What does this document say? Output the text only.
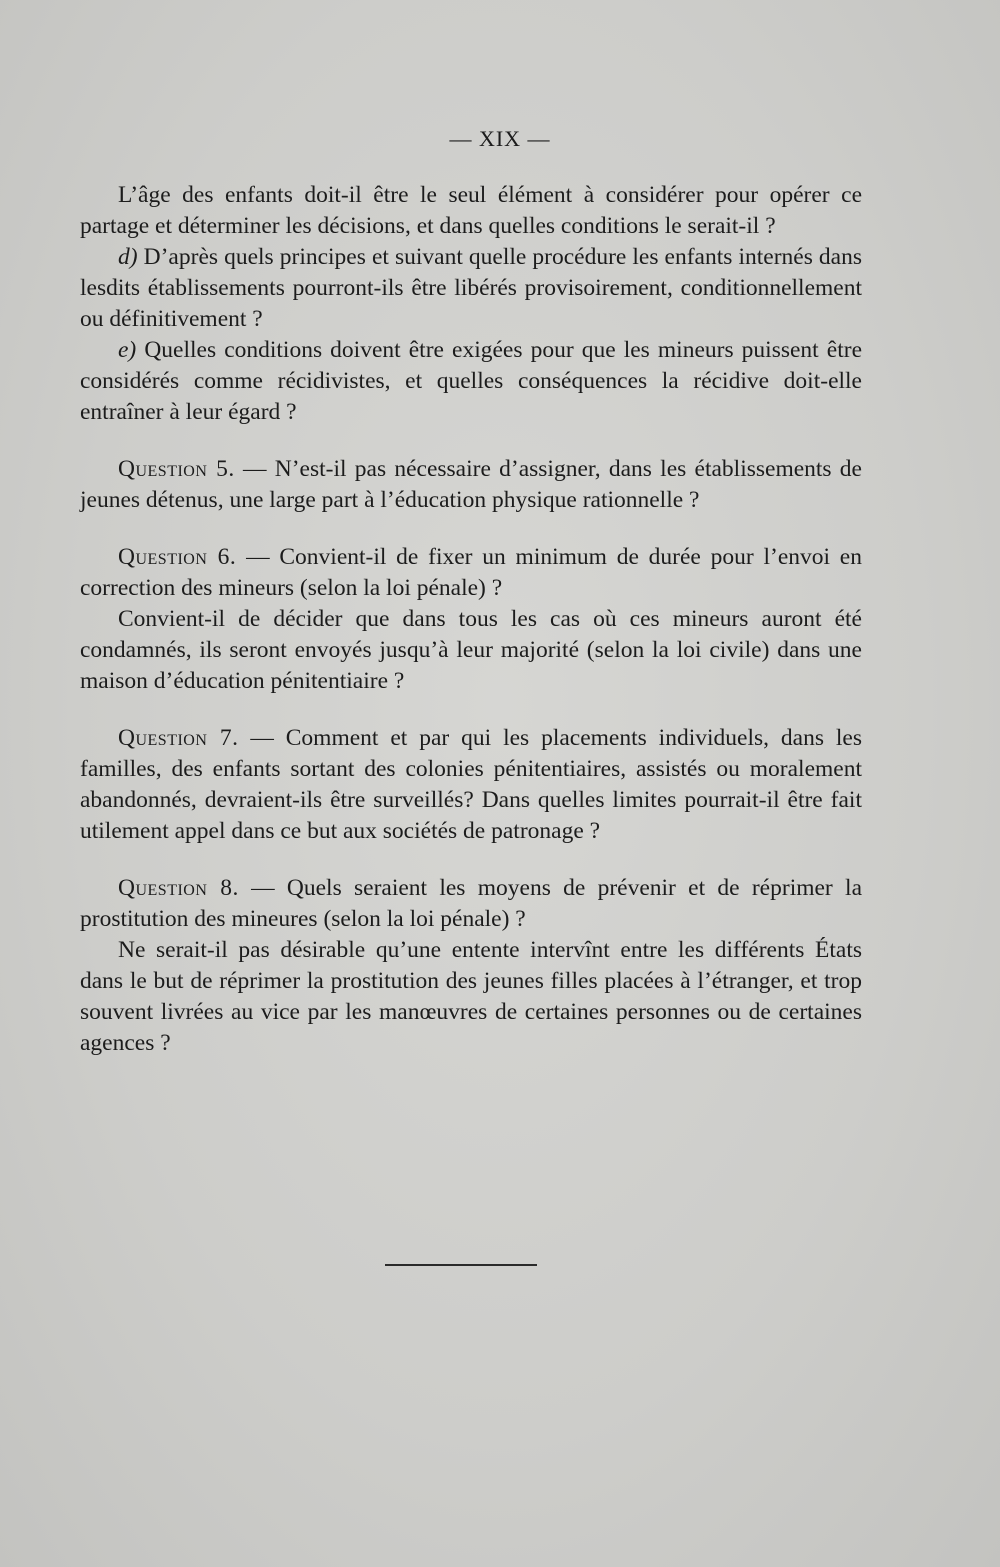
— XIX —

L’âge des enfants doit-il être le seul élément à considérer pour opérer ce partage et déterminer les décisions, et dans quelles conditions le serait-il ?

d) D’après quels principes et suivant quelle procédure les enfants internés dans lesdits établissements pourront-ils être libérés provisoirement, conditionnellement ou définitivement ?

e) Quelles conditions doivent être exigées pour que les mineurs puissent être considérés comme récidivistes, et quelles conséquences la récidive doit-elle entraîner à leur égard ?

Question 5. — N’est-il pas nécessaire d’assigner, dans les établissements de jeunes détenus, une large part à l’éducation physique rationnelle ?

Question 6. — Convient-il de fixer un minimum de durée pour l’envoi en correction des mineurs (selon la loi pénale) ?

Convient-il de décider que dans tous les cas où ces mineurs auront été condamnés, ils seront envoyés jusqu’à leur majorité (selon la loi civile) dans une maison d’éducation pénitentiaire ?

Question 7. — Comment et par qui les placements individuels, dans les familles, des enfants sortant des colonies pénitentiaires, assistés ou moralement abandonnés, devraient-ils être surveillés? Dans quelles limites pourrait-il être fait utilement appel dans ce but aux sociétés de patronage ?

Question 8. — Quels seraient les moyens de prévenir et de réprimer la prostitution des mineures (selon la loi pénale) ?

Ne serait-il pas désirable qu’une entente intervînt entre les différents États dans le but de réprimer la prostitution des jeunes filles placées à l’étranger, et trop souvent livrées au vice par les manœuvres de certaines personnes ou de certaines agences ?
